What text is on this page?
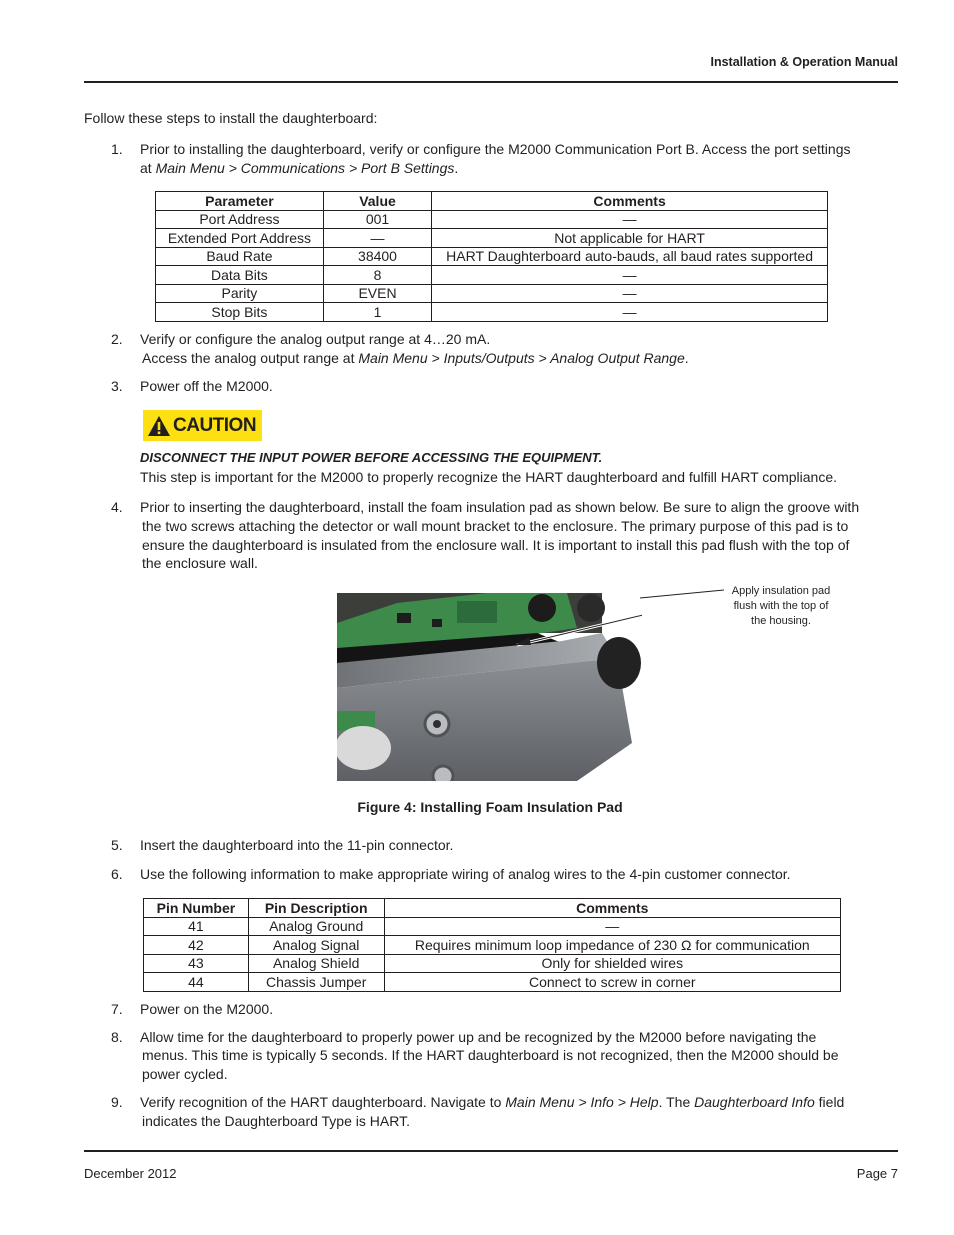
Installation & Operation Manual
Follow these steps to install the daughterboard:
1. Prior to installing the daughterboard, verify or configure the M2000 Communication Port B. Access the port settings
at Main Menu > Communications > Port B Settings.
Parameter	Value	Comments
Port Address	001	—
Extended Port Address	—	Not applicable for HART
Baud Rate	38400	HART Daughterboard auto-bauds, all baud rates supported
Data Bits	8	—
Parity	EVEN	—
Stop Bits	1	—
2. Verify or configure the analog output range at 4…20 mA.
Access the analog output range at Main Menu > Inputs/Outputs > Analog Output Range.
3. Power off the M2000.
CAUTION
DISCONNECT THE INPUT POWER BEFORE ACCESSING THE EQUIPMENT.
This step is important for the M2000 to properly recognize the HART daughterboard and fulfill HART compliance.
4. Prior to inserting the daughterboard, install the foam insulation pad as shown below. Be sure to align the groove with
the two screws attaching the detector or wall mount bracket to the enclosure. The primary purpose of this pad is to
ensure the daughterboard is insulated from the enclosure wall. It is important to install this pad flush with the top of
the enclosure wall.
Apply insulation pad
flush with the top of
the housing.
Figure 4: Installing Foam Insulation Pad
5. Insert the daughterboard into the 11-pin connector.
6. Use the following information to make appropriate wiring of analog wires to the 4-pin customer connector.
Pin Number	Pin Description	Comments
41	Analog Ground	—
42	Analog Signal	Requires minimum loop impedance of 230 Ω for communication
43	Analog Shield	Only for shielded wires
44	Chassis Jumper	Connect to screw in corner
7. Power on the M2000.
8. Allow time for the daughterboard to properly power up and be recognized by the M2000 before navigating the
menus. This time is typically 5 seconds. If the HART daughterboard is not recognized, then the M2000 should be
power cycled.
9. Verify recognition of the HART daughterboard. Navigate to Main Menu > Info > Help. The Daughterboard Info field
indicates the Daughterboard Type is HART.
December 2012	Page 7
